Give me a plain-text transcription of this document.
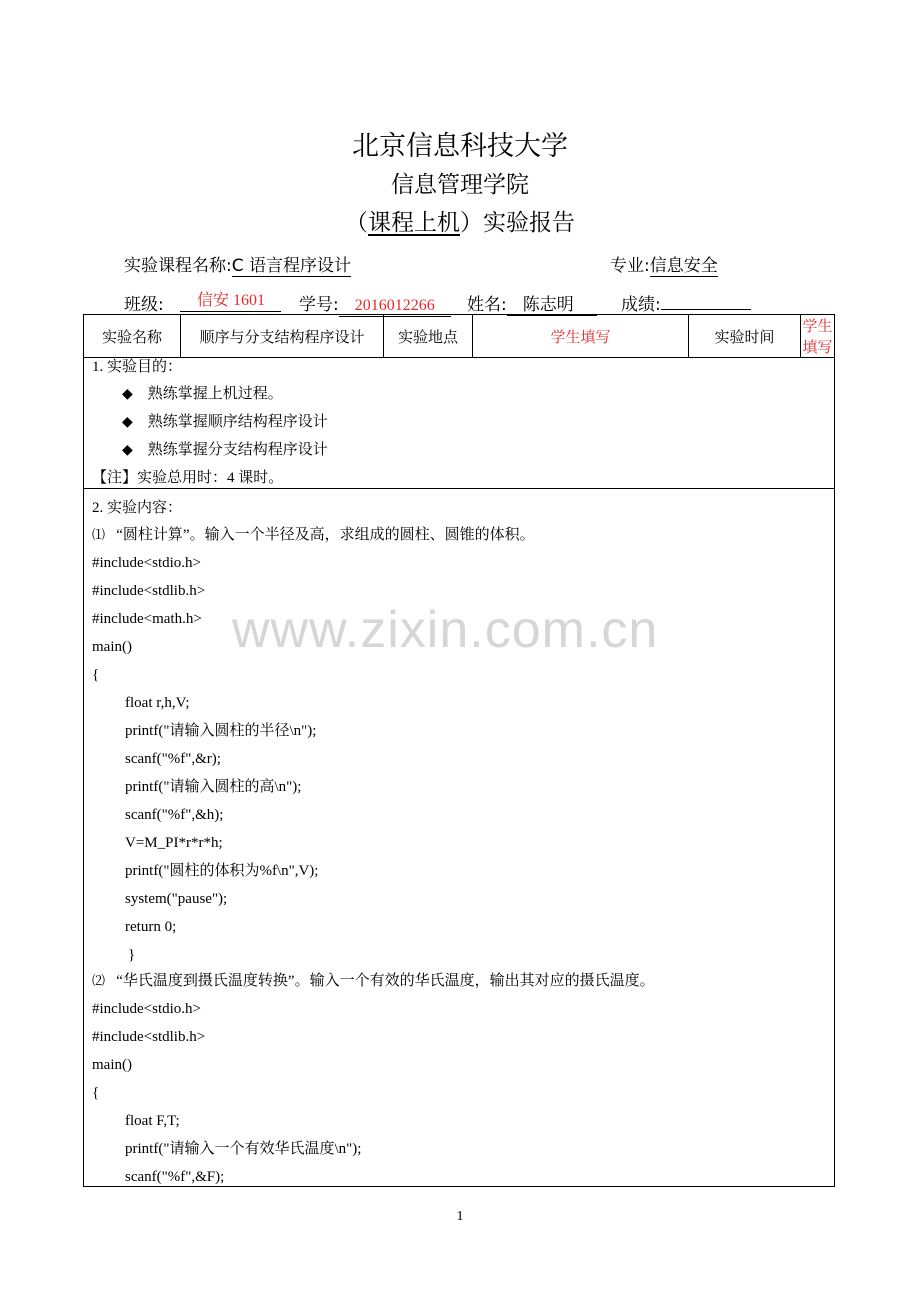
北京信息科技大学
信息管理学院
（课程上机）实验报告
实验课程名称:C 语言程序设计	专业:信息安全
班级:	信安 1601	学号: 2016012266	姓名: 陈志明	成绩:
实验名称	顺序与分支结构程序设计	实验地点	学生填写	实验时间	学生填写
1. 实验目的：
◆ 熟练掌握上机过程。
◆ 熟练掌握顺序结构程序设计
◆ 熟练掌握分支结构程序设计
【注】实验总用时：4 课时。
2. 实验内容：
⑴ “圆柱计算”。输入一个半径及高，求组成的圆柱、圆锥的体积。
#include<stdio.h>
#include<stdlib.h>
#include<math.h>
main()
{
float r,h,V;
printf("请输入圆柱的半径\n");
scanf("%f",&r);
printf("请输入圆柱的高\n");
scanf("%f",&h);
V=M_PI*r*r*h;
printf("圆柱的体积为%f\n",V);
system("pause");
return 0;
}
⑵ “华氏温度到摄氏温度转换”。输入一个有效的华氏温度，输出其对应的摄氏温度。
#include<stdio.h>
#include<stdlib.h>
main()
{
float F,T;
printf("请输入一个有效华氏温度\n");
scanf("%f",&F);
www.zixin.com.cn
1
